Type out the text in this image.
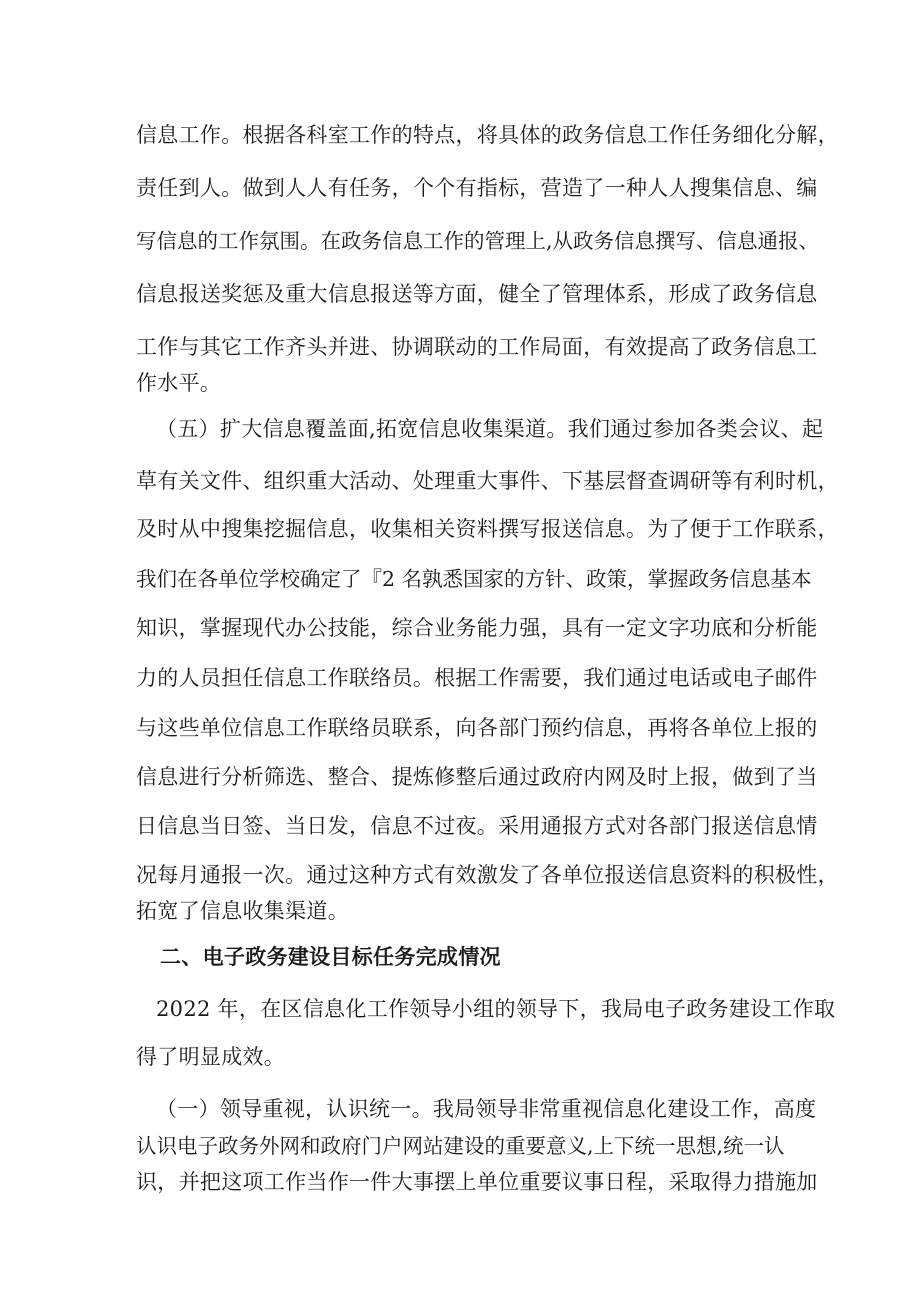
信息工作。根据各科室工作的特点，将具体的政务信息工作任务细化分解，
责任到人。做到人人有任务，个个有指标，营造了一种人人搜集信息、编
写信息的工作氛围。在政务信息工作的管理上,从政务信息撰写、信息通报、
信息报送奖惩及重大信息报送等方面，健全了管理体系，形成了政务信息
工作与其它工作齐头并进、协调联动的工作局面，有效提高了政务信息工
作水平。
（五）扩大信息覆盖面,拓宽信息收集渠道。我们通过参加各类会议、起
草有关文件、组织重大活动、处理重大事件、下基层督查调研等有利时机，
及时从中搜集挖掘信息，收集相关资料撰写报送信息。为了便于工作联系，
我们在各单位学校确定了『2 名孰悉国家的方针、政策，掌握政务信息基本
知识，掌握现代办公技能，综合业务能力强，具有一定文字功底和分析能
力的人员担任信息工作联络员。根据工作需要，我们通过电话或电子邮件
与这些单位信息工作联络员联系，向各部门预约信息，再将各单位上报的
信息进行分析筛选、整合、提炼修整后通过政府内网及时上报，做到了当
日信息当日签、当日发，信息不过夜。采用通报方式对各部门报送信息情
况每月通报一次。通过这种方式有效激发了各单位报送信息资料的积极性，
拓宽了信息收集渠道。
二、电子政务建设目标任务完成情况
2022 年，在区信息化工作领导小组的领导下，我局电子政务建设工作取
得了明显成效。
（一）领导重视，认识统一。我局领导非常重视信息化建设工作，高度
认识电子政务外网和政府门户网站建设的重要意义,上下统一思想,统一认
识，并把这项工作当作一件大事摆上单位重要议事日程，采取得力措施加
